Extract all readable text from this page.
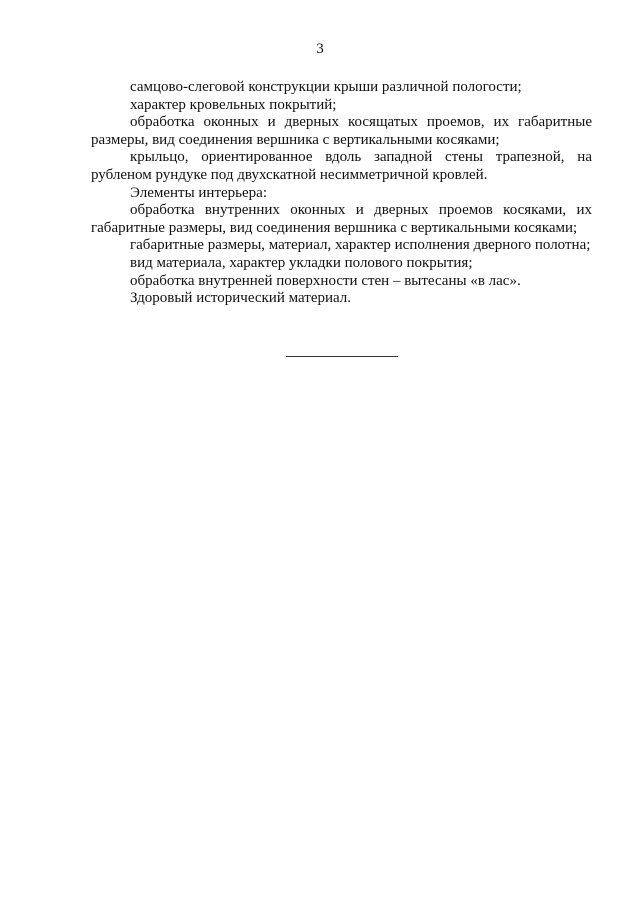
3

самцово-слеговой конструкции крыши различной пологости;

характер кровельных покрытий;

обработка оконных и дверных косящатых проемов, их габаритные размеры, вид соединения вершника с вертикальными косяками;

крыльцо, ориентированное вдоль западной стены трапезной, на рубленом рундуке под двухскатной несимметричной кровлей.

Элементы интерьера:

обработка внутренних оконных и дверных проемов косяками, их габаритные размеры, вид соединения вершника с вертикальными косяками;

габаритные размеры, материал, характер исполнения дверного полотна;

вид материала, характер укладки полового покрытия;

обработка внутренней поверхности стен – вытесаны «в лас».

Здоровый исторический материал.
